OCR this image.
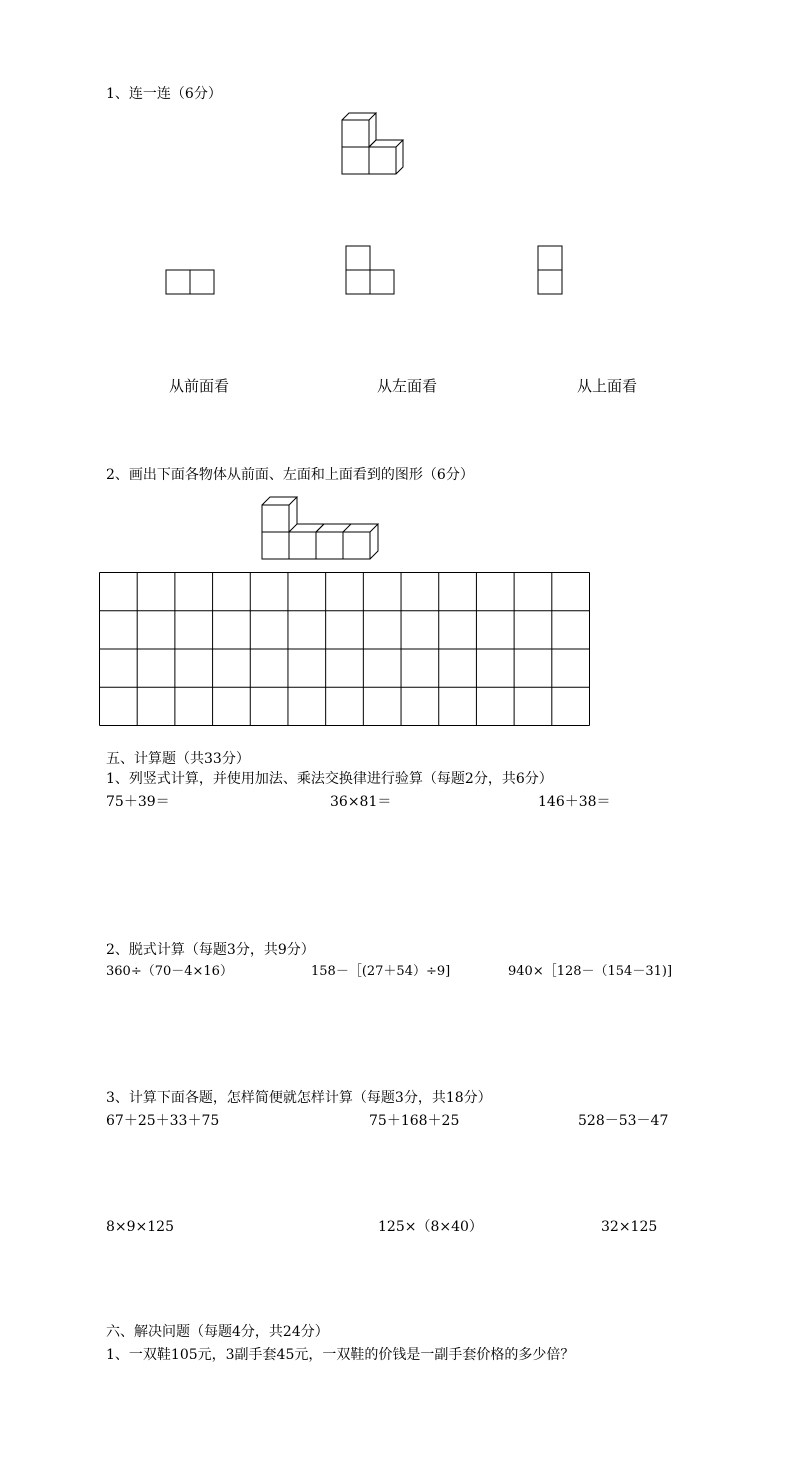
1、连一连（6分）
从前面看	从左面看	从上面看
2、画出下面各物体从前面、左面和上面看到的图形（6分）
五、计算题（共33分）
1、列竖式计算，并使用加法、乘法交换律进行验算（每题2分，共6分）
75＋39＝	36×81＝	146＋38＝
2、脱式计算（每题3分，共9分）
360÷（70－4×16）	158－［(27＋54）÷9]	940×［128－（154－31)]
3、计算下面各题，怎样简便就怎样计算（每题3分，共18分）
67＋25＋33＋75	75＋168＋25	528－53－47
8×9×125	125×（8×40）	32×125
六、解决问题（每题4分，共24分）
1、一双鞋105元，3副手套45元，一双鞋的价钱是一副手套价格的多少倍？
